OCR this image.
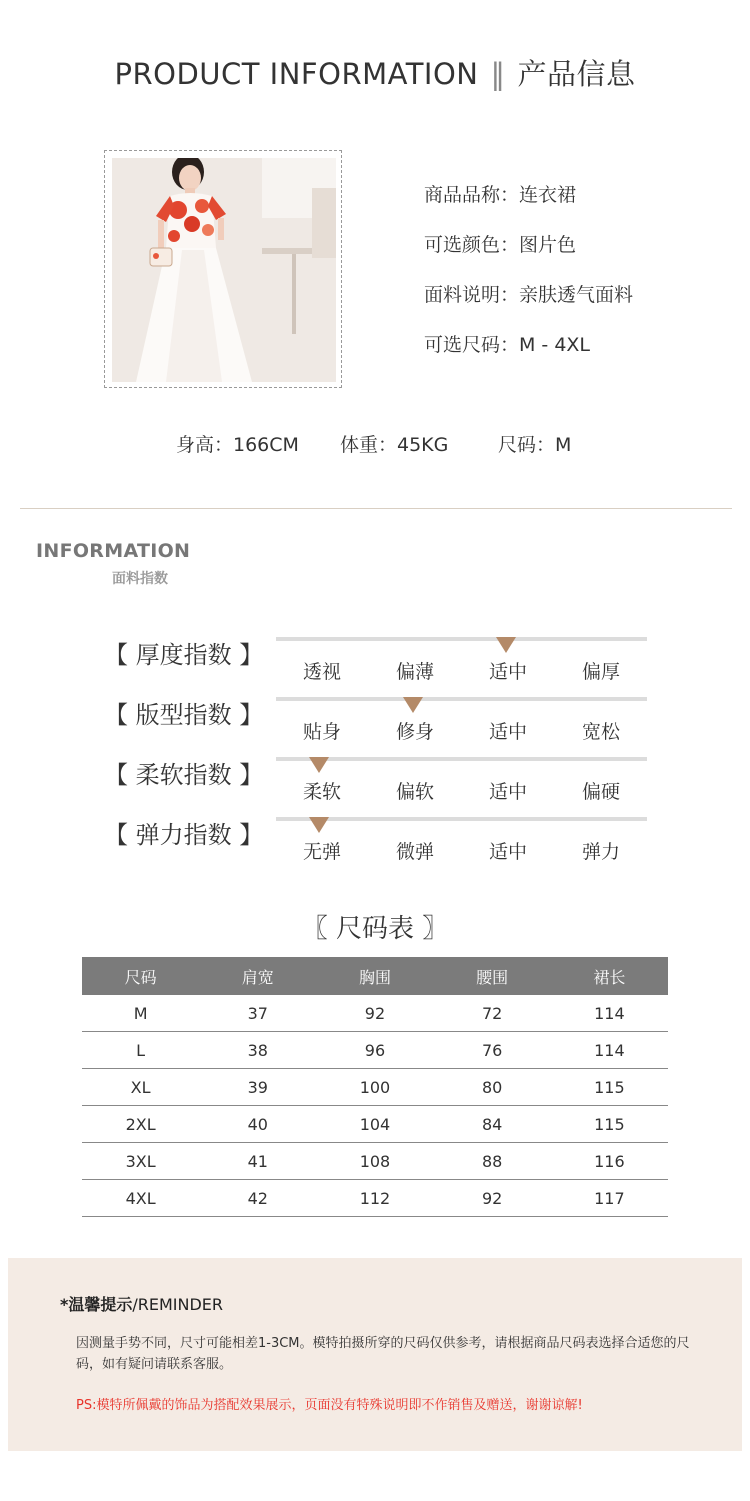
PRODUCT INFORMATION ‖ 产品信息
商品品称：连衣裙
可选颜色：图片色
面料说明：亲肤透气面料
可选尺码：M - 4XL
身高：166CM 体重：45KG	尺码：M
INFORMATION
面料指数
【 厚度指数 】
透视	偏薄	适中	偏厚
【 版型指数 】
贴身	修身	适中	宽松
【 柔软指数 】
柔软	偏软	适中	偏硬
【 弹力指数 】
无弹	微弹	适中	弹力
〖 尺码表 〗
尺码	肩宽	胸围	腰围	裙长
M	37	92	72	114
L	38	96	76	114
XL	39	100	80	115
2XL	40	104	84	115
3XL	41	108	88	116
4XL	42	112	92	117
*温馨提示/REMINDER
因测量手势不同，尺寸可能相差1-3CM。模特拍摄所穿的尺码仅供参考，请根据商品尺码表选择合适您的尺码，如有疑问请联系客服。
PS:模特所佩戴的饰品为搭配效果展示，页面没有特殊说明即不作销售及赠送，谢谢谅解!
